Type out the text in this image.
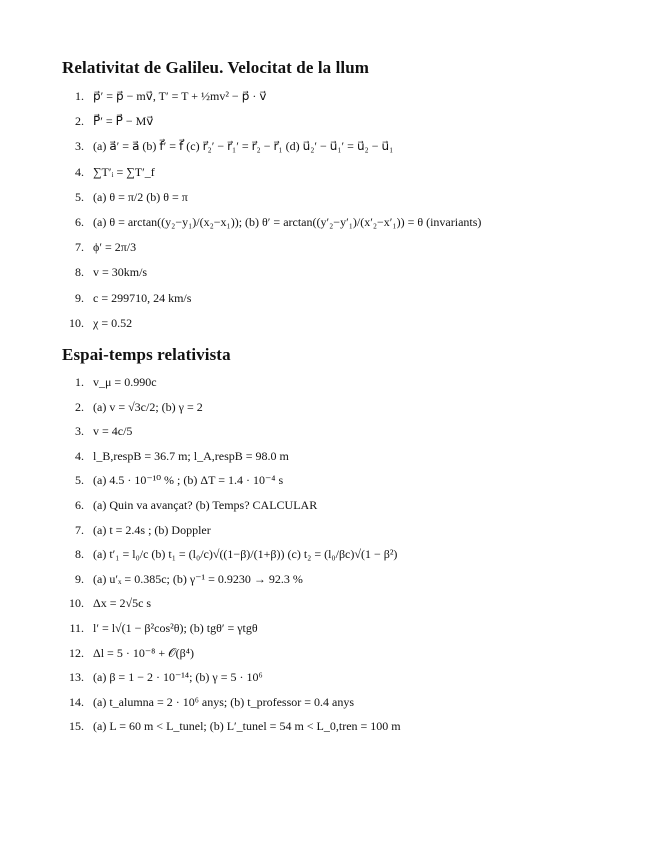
Relativitat de Galileu. Velocitat de la llum
1. p⃗′ = p⃗ − mv⃗, T′ = T + ½mv² − p⃗ · v⃗
2. P⃗′ = P⃗ − Mv⃗
3. (a) a⃗′ = a⃗ (b) f⃗′ = f⃗ (c) r⃗₂′ − r⃗₁′ = r⃗₂ − r⃗₁ (d) u⃗₂′ − u⃗₁′ = u⃗₂ − u⃗₁
4. ∑T′ᵢ = ∑T′_f
5. (a) θ = π/2 (b) θ = π
6. (a) θ = arctan((y₂−y₁)/(x₂−x₁)); (b) θ′ = arctan((y′₂−y′₁)/(x′₂−x′₁)) = θ (invariants)
7. ϕ′ = 2π/3
8. v = 30km/s
9. c = 299710, 24 km/s
10. χ = 0.52
Espai-temps relativista
1. v_μ = 0.990c
2. (a) v = √3c/2; (b) γ = 2
3. v = 4c/5
4. l_B,respB = 36.7 m; l_A,respB = 98.0 m
5. (a) 4.5 · 10⁻¹⁰ % ; (b) ΔT = 1.4 · 10⁻⁴ s
6. (a) Quin va avançat? (b) Temps? CALCULAR
7. (a) t = 2.4s ; (b) Doppler
8. (a) t′₁ = l₀/c (b) t₁ = (l₀/c)√((1−β)/(1+β)) (c) t₂ = (l₀/βc)√(1 − β²)
9. (a) u′ₓ = 0.385c; (b) γ⁻¹ = 0.9230 → 92.3 %
10. Δx = 2√5c s
11. l′ = l√(1 − β²cos²θ); (b) tgθ′ = γtgθ
12. Δl = 5 · 10⁻⁸ + 𝒪(β⁴)
13. (a) β = 1 − 2 · 10⁻¹⁴; (b) γ = 5 · 10⁶
14. (a) t_alumna = 2 · 10⁶ anys; (b) t_professor = 0.4 anys
15. (a) L = 60 m < L_tunel; (b) L′_tunel = 54 m < L_0,tren = 100 m
